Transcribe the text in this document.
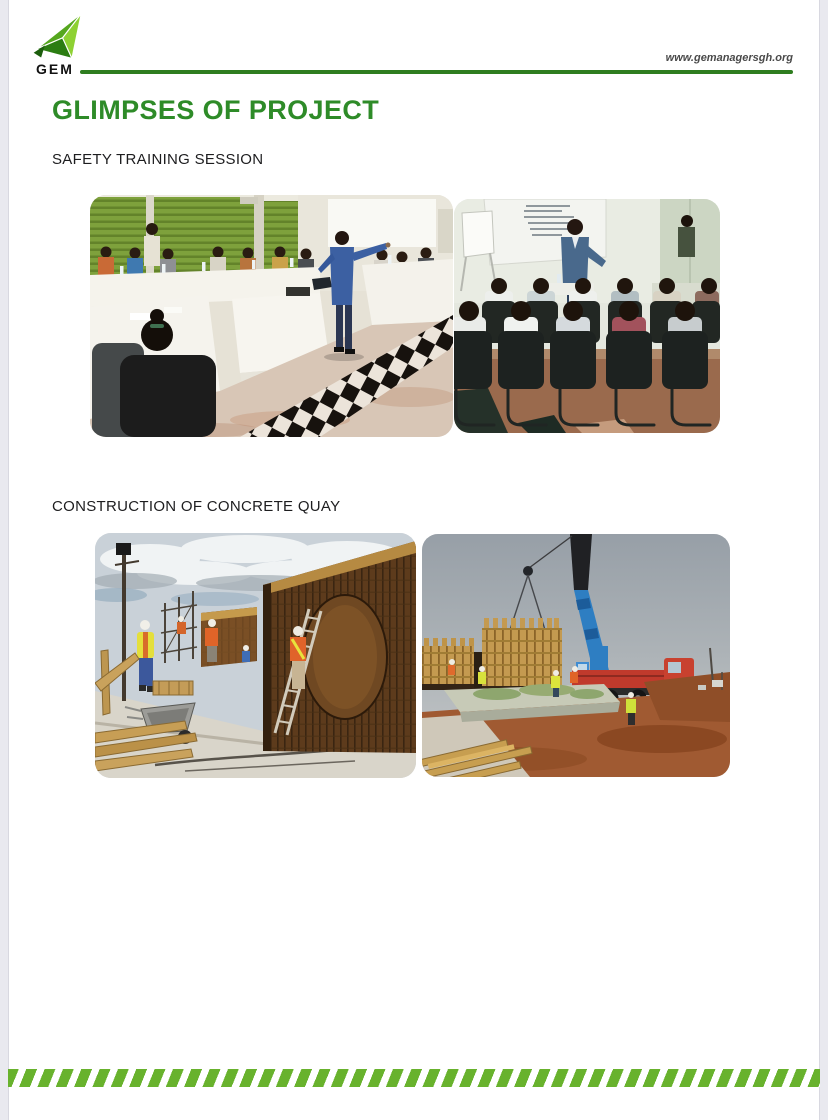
GEM
www.gemanagersgh.org
GLIMPSES OF PROJECT
SAFETY TRAINING SESSION
CONSTRUCTION OF CONCRETE QUAY
